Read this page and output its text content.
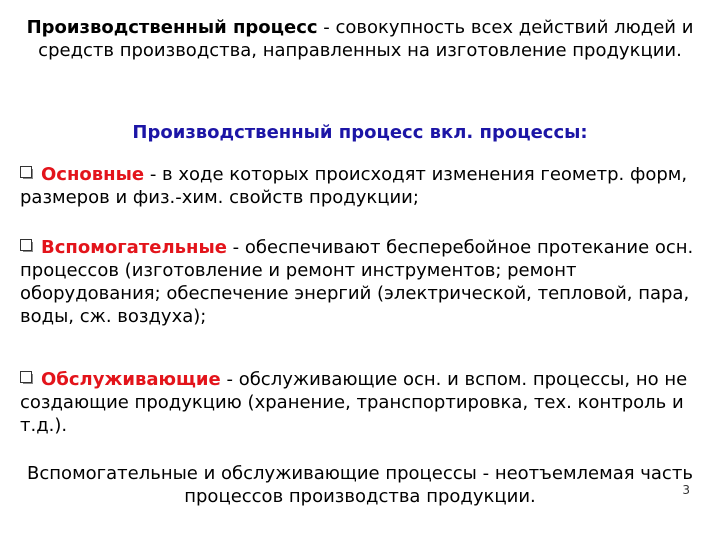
Производственный процесс - совокупность всех действий людей и средств производства, направленных на изготовление продукции.
Производственный процесс вкл. процессы:
Основные - в ходе которых происходят изменения геометр. форм, размеров и физ.-хим. свойств продукции;
Вспомогательные - обеспечивают бесперебойное протекание осн. процессов (изготовление и ремонт инструментов; ремонт оборудования; обеспечение энергий (электрической, тепловой, пара, воды, сж. воздуха);
Обслуживающие - обслуживающие осн. и вспом. процессы, но не создающие продукцию (хранение, транспортировка, тех. контроль и т.д.).
Вспомогательные и обслуживающие процессы - неотъемлемая часть процессов производства продукции.	3
